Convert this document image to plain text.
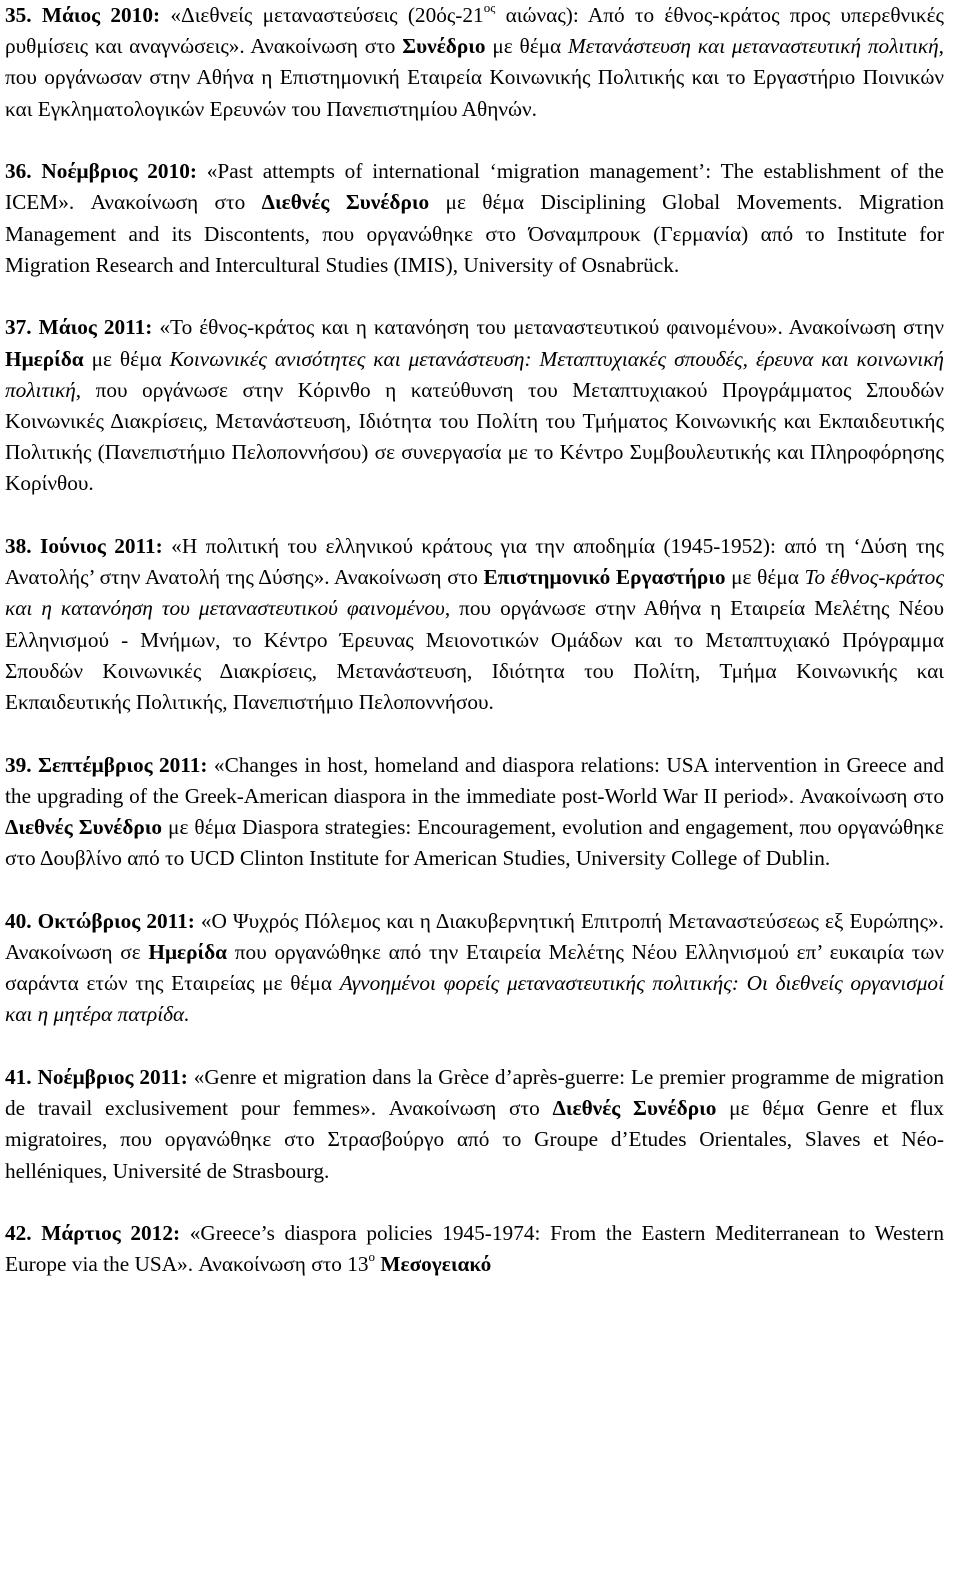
35. Μάιος 2010: «Διεθνείς μεταναστεύσεις ($20ό\varsigma-21^{o\varsigma}$ αιώνας): Από το έθνος-κράτος προς υπερεθνικές ρυθμίσεις και αναγνώσεις». Ανακοίνωση στο Συνέδριο με θέμα Μετανάστευση και μεταναστευτική πολιτική, που οργάνωσαν στην Αθήνα η Επιστημονική Εταιρεία Κοινωνικής Πολιτικής και το Εργαστήριο Ποινικών και Εγκληματολογικών Ερευνών του Πανεπιστημίου Αθηνών.

36. Νοέμβριος 2010: «Past attempts of international ‘migration management’: The establishment of the ICEM». Ανακοίνωση στο Διεθνές Συνέδριο με θέμα Disciplining Global Movements. Migration Management and its Discontents, που οργανώθηκε στο Όσναμπρουκ (Γερμανία) από το Institute for Migration Research and Intercultural Studies (IMIS), University of Osnabrück.

37. Μάιος 2011: «Το έθνος-κράτος και η κατανόηση του μεταναστευτικού φαινομένου». Ανακοίνωση στην Ημερίδα με θέμα Κοινωνικές ανισότητες και μετανάστευση: Μεταπτυχιακές σπουδές, έρευνα και κοινωνική πολιτική, που οργάνωσε στην Κόρινθο η κατεύθυνση του Μεταπτυχιακού Προγράμματος Σπουδών Κοινωνικές Διακρίσεις, Μετανάστευση, Ιδιότητα του Πολίτη του Τμήματος Κοινωνικής και Εκπαιδευτικής Πολιτικής (Πανεπιστήμιο Πελοποννήσου) σε συνεργασία με το Κέντρο Συμβουλευτικής και Πληροφόρησης Κορίνθου.

38. Ιούνιος 2011: «Η πολιτική του ελληνικού κράτους για την αποδημία (1945-1952): από τη ‘Δύση της Ανατολής’ στην Ανατολή της Δύσης». Ανακοίνωση στο Επιστημονικό Εργαστήριο με θέμα Το έθνος-κράτος και η κατανόηση του μεταναστευτικού φαινομένου, που οργάνωσε στην Αθήνα η Εταιρεία Μελέτης Νέου Ελληνισμού - Μνήμων, το Κέντρο Έρευνας Μειονοτικών Ομάδων και το Μεταπτυχιακό Πρόγραμμα Σπουδών Κοινωνικές Διακρίσεις, Μετανάστευση, Ιδιότητα του Πολίτη, Τμήμα Κοινωνικής και Εκπαιδευτικής Πολιτικής, Πανεπιστήμιο Πελοποννήσου.

39. Σεπτέμβριος 2011: «Changes in host, homeland and diaspora relations: USA intervention in Greece and the upgrading of the Greek-American diaspora in the immediate post-World War II period». Ανακοίνωση στο Διεθνές Συνέδριο με θέμα Diaspora strategies: Encouragement, evolution and engagement, που οργανώθηκε στο Δουβλίνο από το UCD Clinton Institute for American Studies, University College of Dublin.

40. Οκτώβριος 2011: «Ο Ψυχρός Πόλεμος και η Διακυβερνητική Επιτροπή Μεταναστεύσεως εξ Ευρώπης». Ανακοίνωση σε Ημερίδα που οργανώθηκε από την Εταιρεία Μελέτης Νέου Ελληνισμού επ’ ευκαιρία των σαράντα ετών της Εταιρείας με θέμα Αγνοημένοι φορείς μεταναστευτικής πολιτικής: Οι διεθνείς οργανισμοί και η μητέρα πατρίδα.

41. Νοέμβριος 2011: «Genre et migration dans la Grèce d’après-guerre: Le premier programme de migration de travail exclusivement pour femmes». Ανακοίνωση στο Διεθνές Συνέδριο με θέμα Genre et flux migratoires, που οργανώθηκε στο Στρασβούργο από το Groupe d’Etudes Orientales, Slaves et Néo-helléniques, Université de Strasbourg.

42. Μάρτιος 2012: «Greece’s diaspora policies 1945-1974: From the Eastern Mediterranean to Western Europe via the USA». Ανακοίνωση στο $13^o$ Μεσογειακό
